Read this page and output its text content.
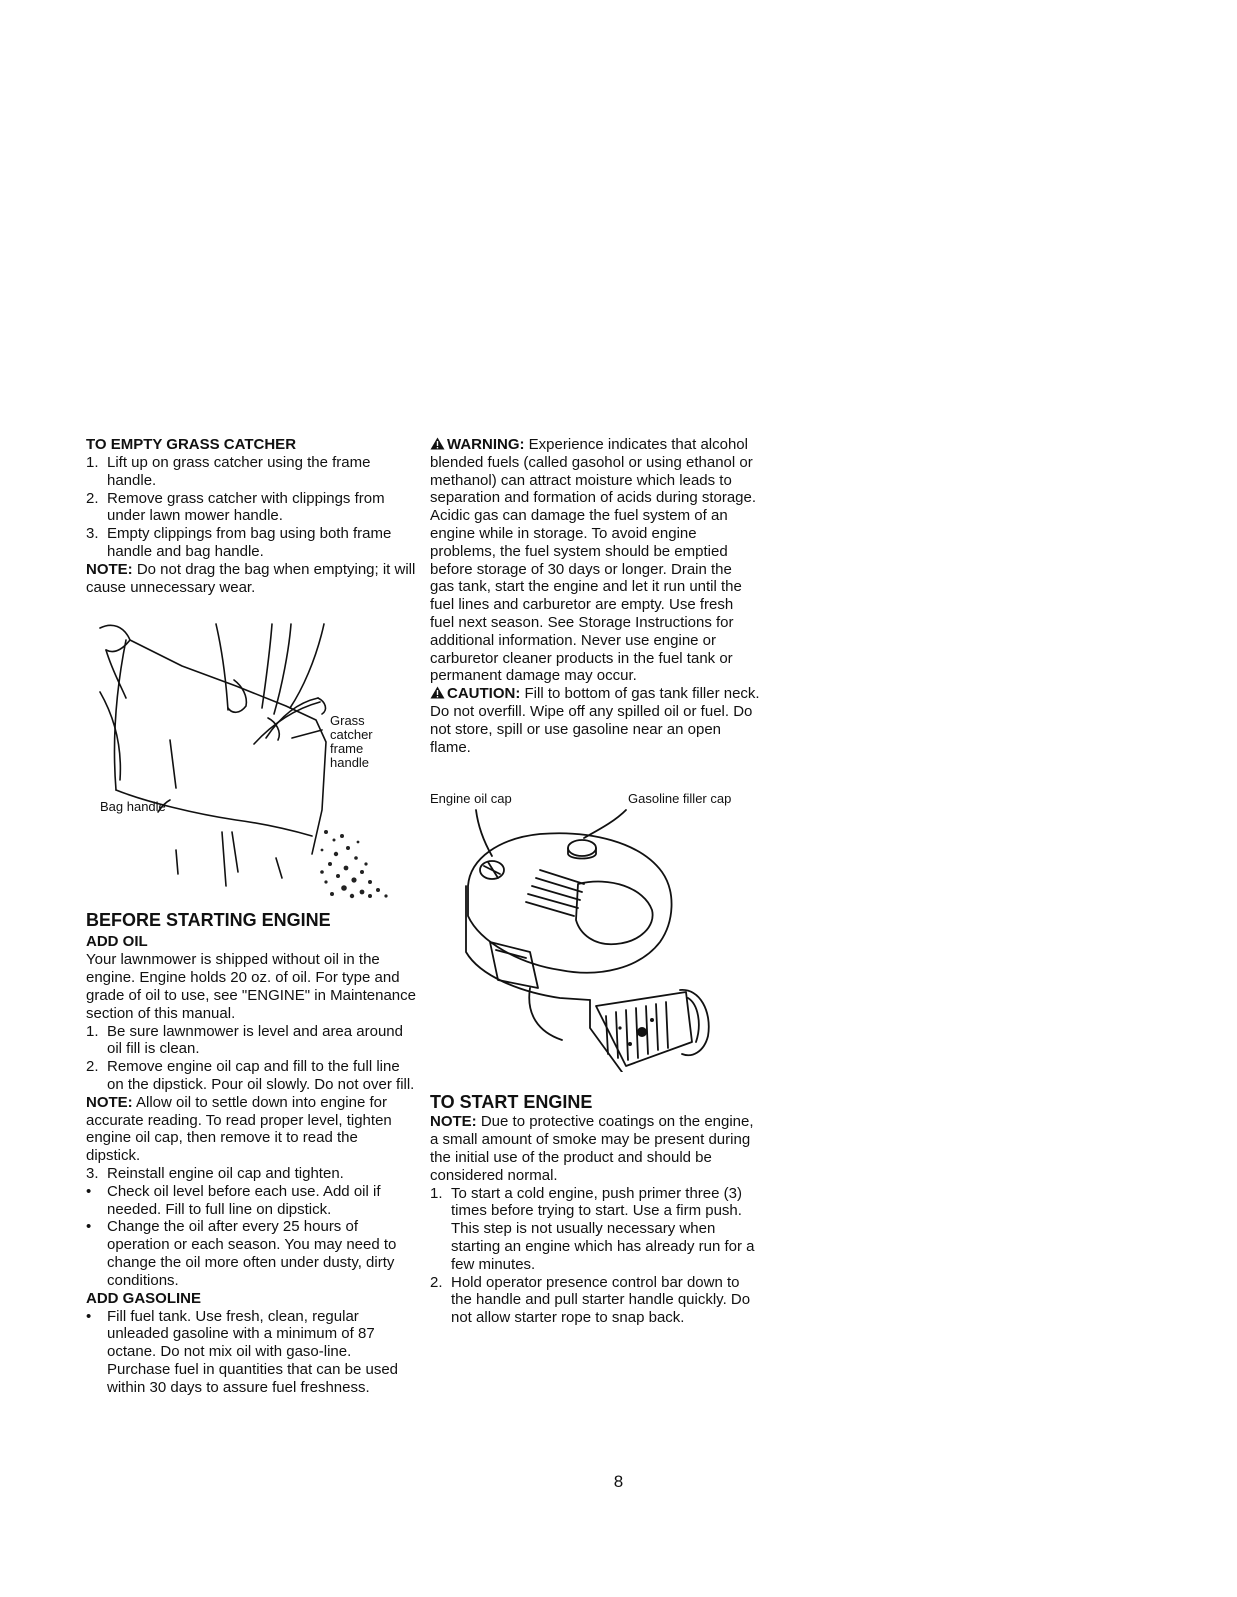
TO EMPTY GRASS CATCHER
1. Lift up on grass catcher using the frame handle.
2. Remove grass catcher with clippings from under lawn mower handle.
3. Empty clippings from bag using both frame handle and bag handle.

NOTE: Do not drag the bag when emptying; it will cause unnecessary wear.

Grass catcher frame handle
Bag handle
BEFORE STARTING ENGINE
ADD OIL

Your lawnmower is shipped without oil in the engine. Engine holds 20 oz. of oil. For type and grade of oil to use, see "ENGINE" in Maintenance section of this manual.

1. Be sure lawnmower is level and area around oil fill is clean.
2. Remove engine oil cap and fill to the full line on the dipstick. Pour oil slowly. Do not over fill.

NOTE: Allow oil to settle down into engine for accurate reading. To read proper level, tighten engine oil cap, then remove it to read the dipstick.

3. Reinstall engine oil cap and tighten.
•	Check oil level before each use. Add oil if needed. Fill to full line on dipstick.
•	Change the oil after every 25 hours of operation or each season. You may need to change the oil more often under dusty, dirty conditions.
ADD GASOLINE
•	Fill fuel tank. Use fresh, clean, regular unleaded gasoline with a minimum of 87 octane. Do not mix oil with gaso-line. Purchase fuel in quantities that can be used within 30 days to assure fuel freshness.

WARNING: Experience indicates that alcohol blended fuels (called gasohol or using ethanol or methanol) can attract moisture which leads to separation and formation of acids during storage. Acidic gas can damage the fuel system of an engine while in storage. To avoid engine problems, the fuel system should be emptied before storage of 30 days or longer. Drain the gas tank, start the engine and let it run until the fuel lines and carburetor are empty. Use fresh fuel next season. See Storage Instructions for additional information. Never use engine or carburetor cleaner products in the fuel tank or permanent damage may occur.

CAUTION: Fill to bottom of gas tank filler neck. Do not overfill. Wipe off any spilled oil or fuel. Do not store, spill or use gasoline near an open flame.

Engine oil cap	Gasoline filler cap
TO START ENGINE

NOTE: Due to protective coatings on the engine, a small amount of smoke may be present during the initial use of the product and should be considered normal.

1. To start a cold engine, push primer three (3) times before trying to start. Use a firm push. This step is not usually necessary when starting an engine which has already run for a few minutes.
2. Hold operator presence control bar down to the handle and pull starter handle quickly. Do not allow starter rope to snap back.
8
